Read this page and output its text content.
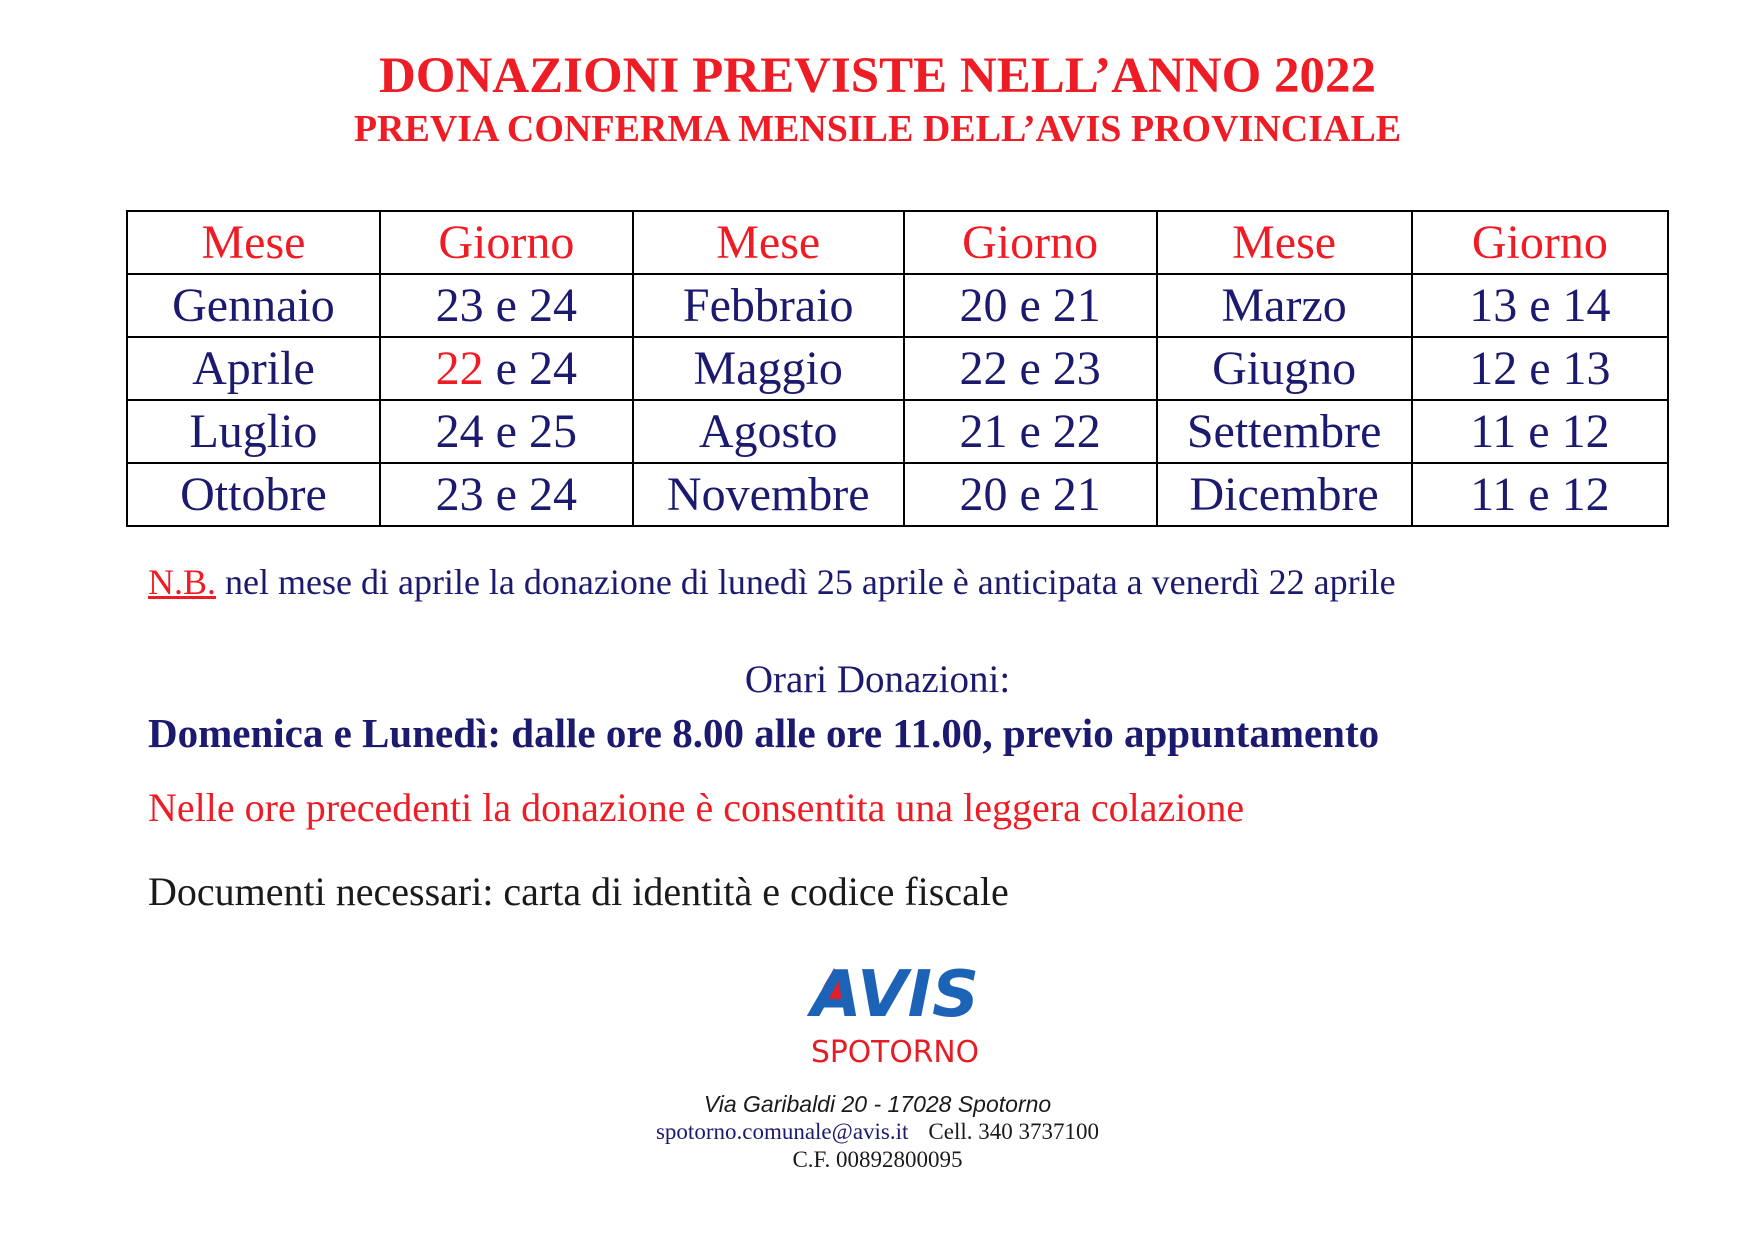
DONAZIONI PREVISTE NELL’ANNO 2022
PREVIA CONFERMA MENSILE DELL’AVIS PROVINCIALE
Mese	Giorno	Mese	Giorno	Mese	Giorno
Gennaio	23 e 24	Febbraio	20 e 21	Marzo	13 e 14
Aprile	22 e 24	Maggio	22 e 23	Giugno	12 e 13
Luglio	24 e 25	Agosto	21 e 22	Settembre	11 e 12
Ottobre	23 e 24	Novembre	20 e 21	Dicembre	11 e 12
N.B. nel mese di aprile la donazione di lunedì 25 aprile è anticipata a venerdì 22 aprile
Orari Donazioni:
Domenica e Lunedì: dalle ore 8.00 alle ore 11.00, previo appuntamento
Nelle ore precedenti la donazione è consentita una leggera colazione
Documenti necessari: carta di identità e codice fiscale
AVIS
SPOTORNO
Via Garibaldi 20 - 17028 Spotorno
spotorno.comunale@avis.it Cell. 340 3737100
C.F. 00892800095
